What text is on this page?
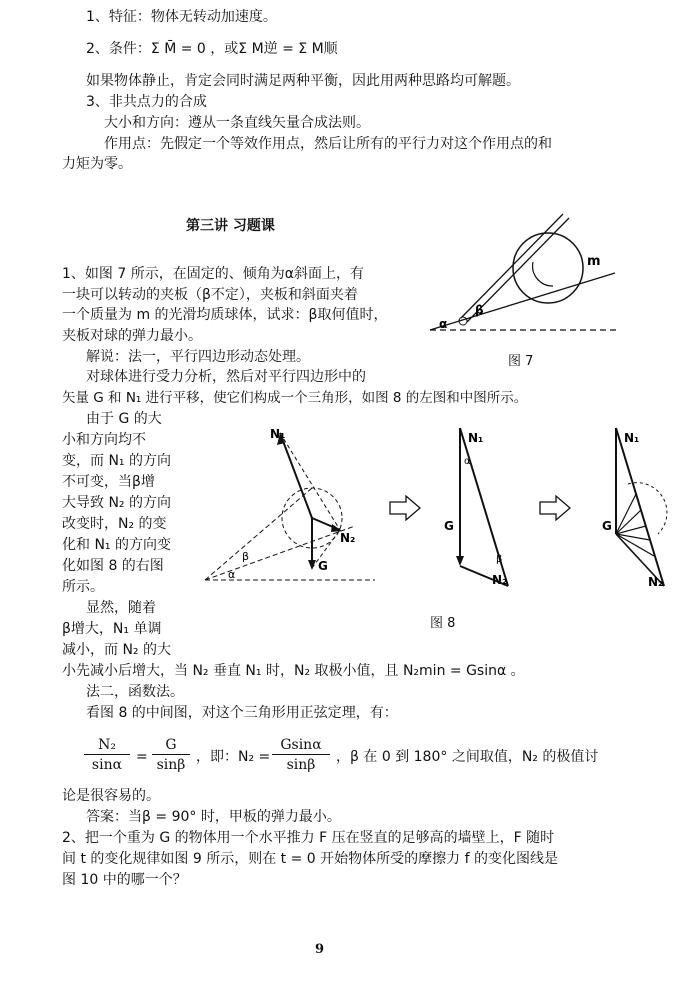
1、特征：物体无转动加速度。
2、条件：Σ M̄ = 0 ，或Σ M逆 = Σ M顺
如果物体静止，肯定会同时满足两种平衡，因此用两种思路均可解题。
3、非共点力的合成
大小和方向：遵从一条直线矢量合成法则。
作用点：先假定一个等效作用点，然后让所有的平行力对这个作用点的和
力矩为零。
第三讲 习题课
1、如图 7 所示，在固定的、倾角为α斜面上，有
一块可以转动的夹板（β不定），夹板和斜面夹着
一个质量为 m 的光滑均质球体，试求：β取何值时，
夹板对球的弹力最小。
解说：法一，平行四边形动态处理。
对球体进行受力分析，然后对平行四边形中的
矢量 G 和 N₁ 进行平移，使它们构成一个三角形，如图 8 的左图和中图所示。
由于 G 的大
小和方向均不
变，而 N₁ 的方向
不可变，当β增
大导致 N₂ 的方向
改变时，N₂ 的变
化和 N₁ 的方向变
化如图 8 的右图
所示。
显然，随着
β增大，N₁ 单调
减小，而 N₂ 的大
小先减小后增大，当 N₂ 垂直 N₁ 时，N₂ 取极小值，且 N₂min = Gsinα 。
法二，函数法。
看图 8 的中间图，对这个三角形用正弦定理，有：
$\frac{\text{N₂}}{\sin\alpha} = \frac{G}{\sin\beta}$ ，即：$N_2 = \frac{Gsin\alpha}{\sin\beta}$ ，β 在 0 到 180° 之间取值，N₂ 的极值讨
论是很容易的。
答案：当β = 90° 时，甲板的弹力最小。
2、把一个重为 G 的物体用一个水平推力 F 压在竖直的足够高的墙壁上，F 随时
间 t 的变化规律如图 9 所示，则在 t = 0 开始物体所受的摩擦力 f 的变化图线是
图 10 中的哪一个？
m
β
α
图 7
N₁
N₂
G
α
β
N₁
G
N₂
α
β
N₁
G
N₂
图 8
9
